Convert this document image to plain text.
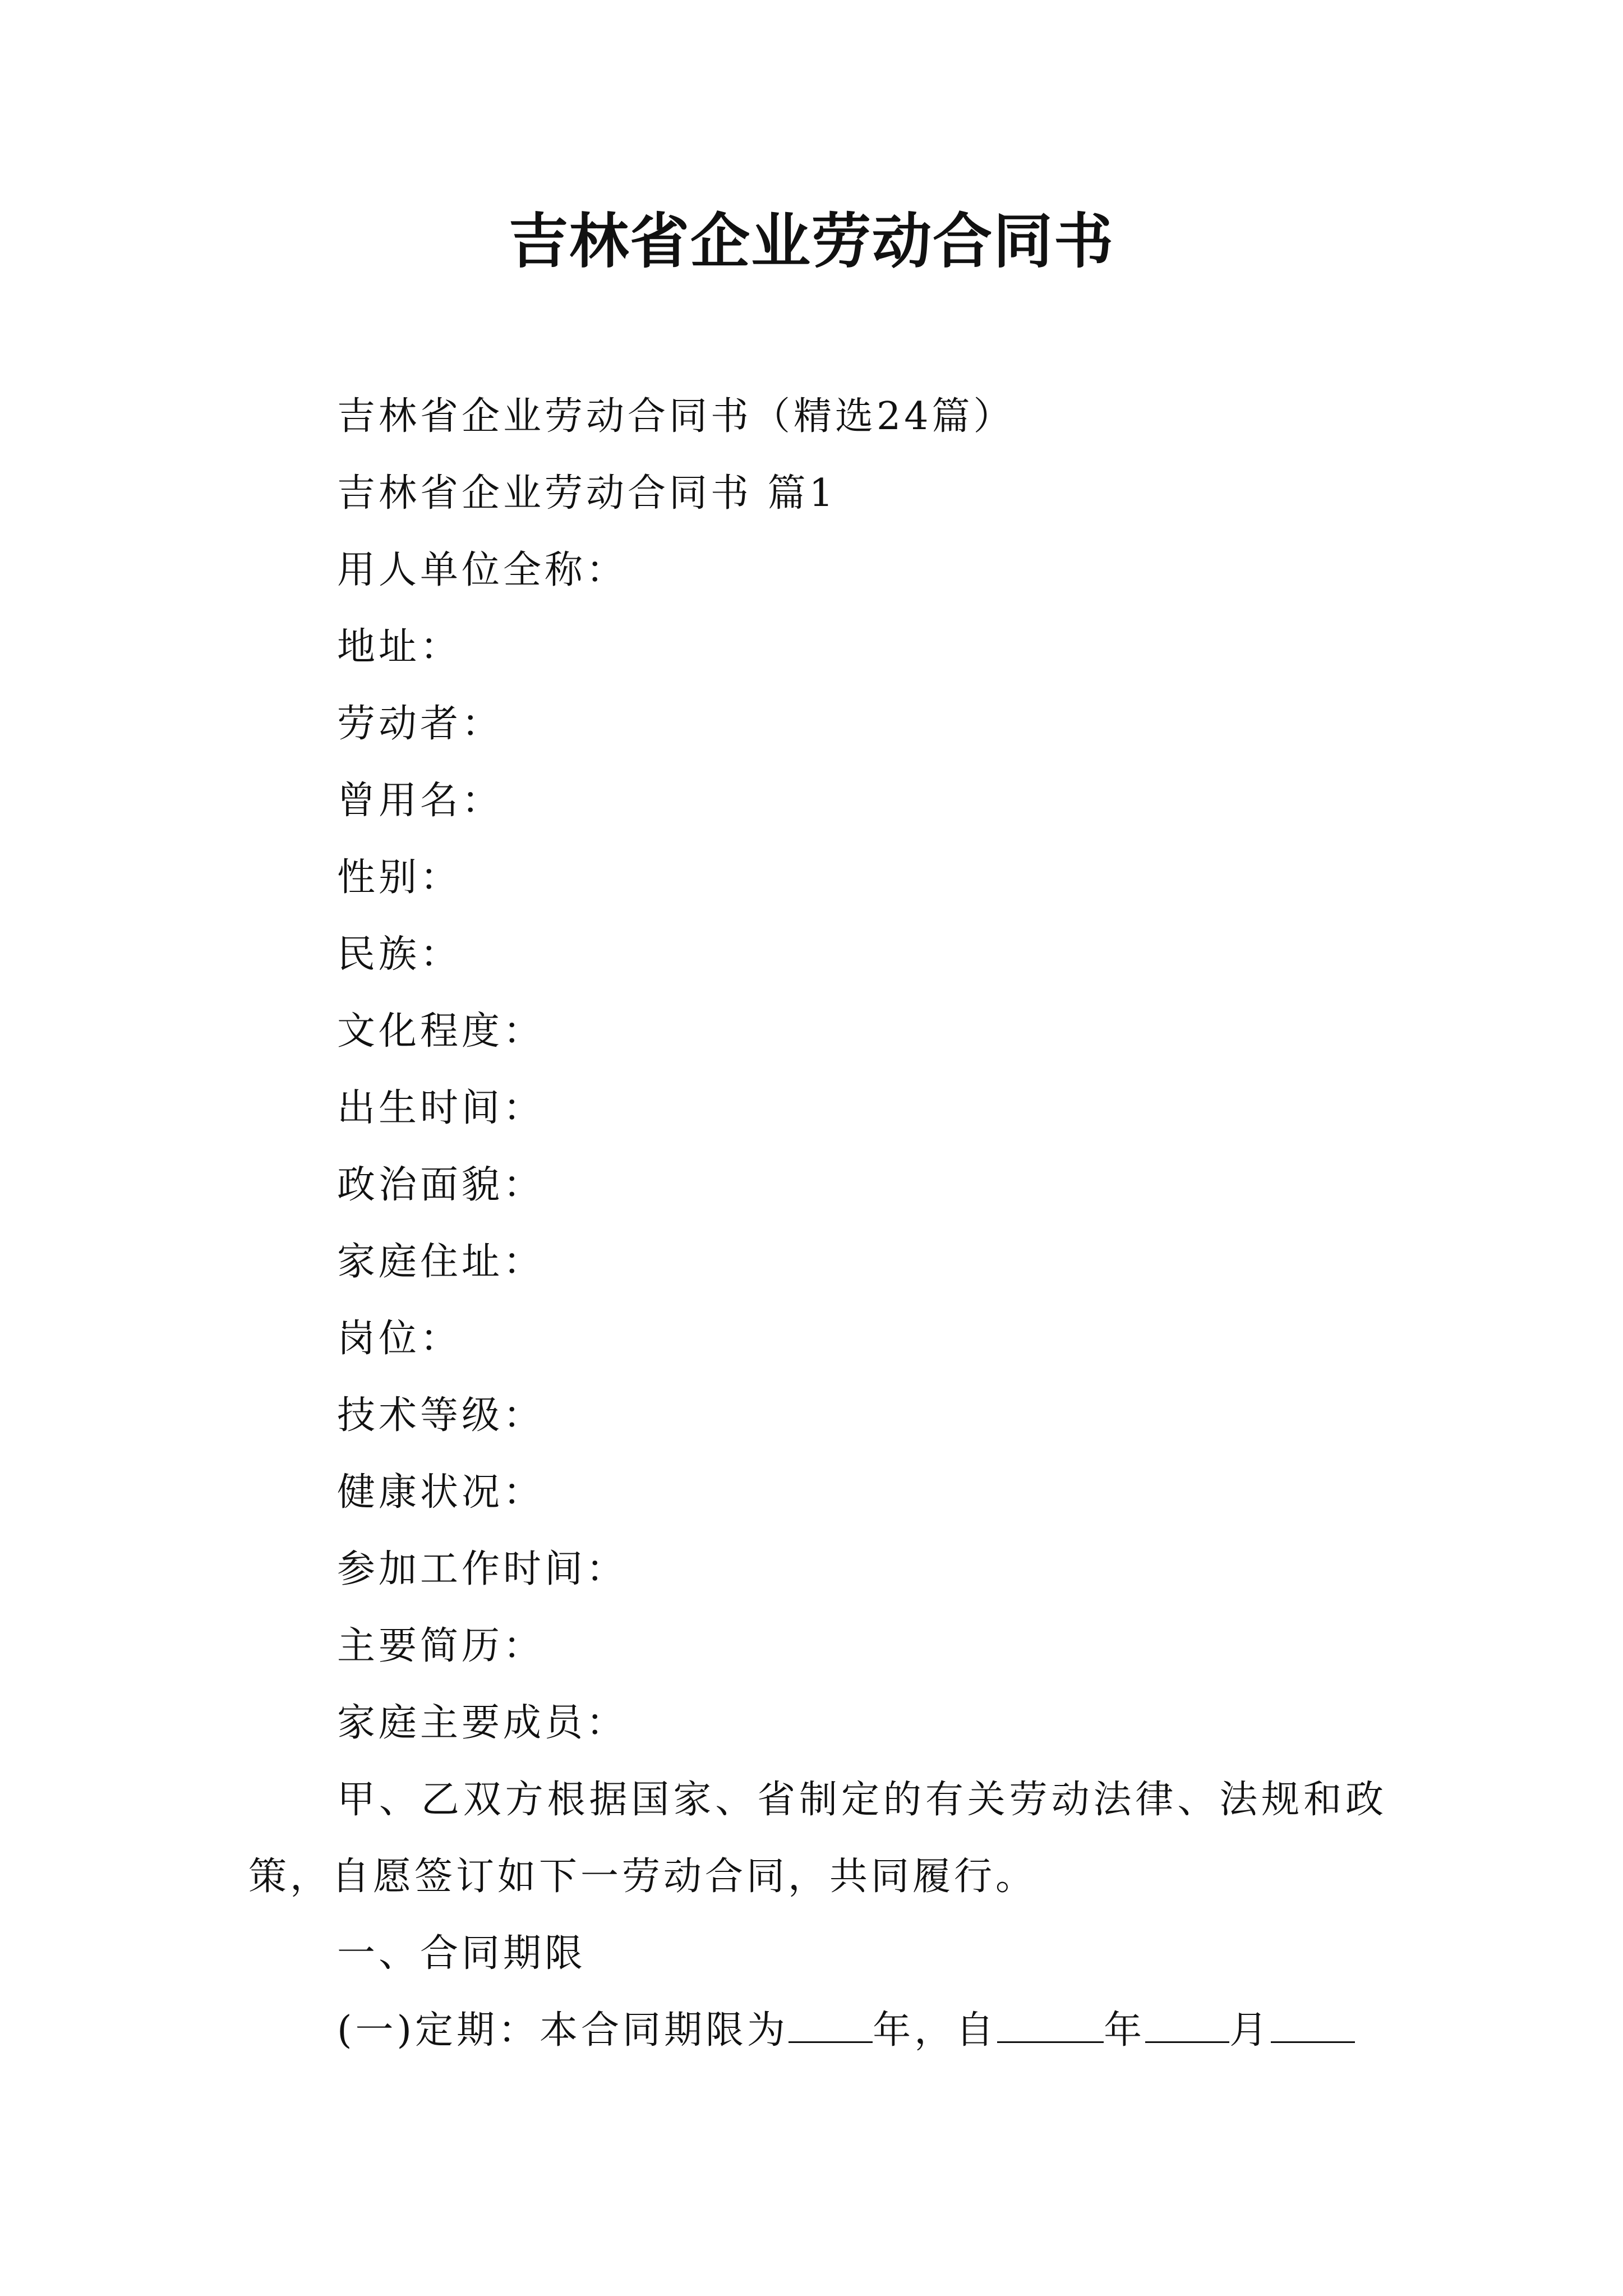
吉林省企业劳动合同书
吉林省企业劳动合同书（精选24篇）
吉林省企业劳动合同书 篇1
用人单位全称：
地址：
劳动者：
曾用名：
性别：
民族：
文化程度：
出生时间：
政治面貌：
家庭住址：
岗位：
技术等级：
健康状况：
参加工作时间：
主要简历：
家庭主要成员：
甲、乙双方根据国家、省制定的有关劳动法律、法规和政策，自愿签订如下一劳动合同，共同履行。
一、合同期限
(一)定期：本合同期限为 年，自	年 月
